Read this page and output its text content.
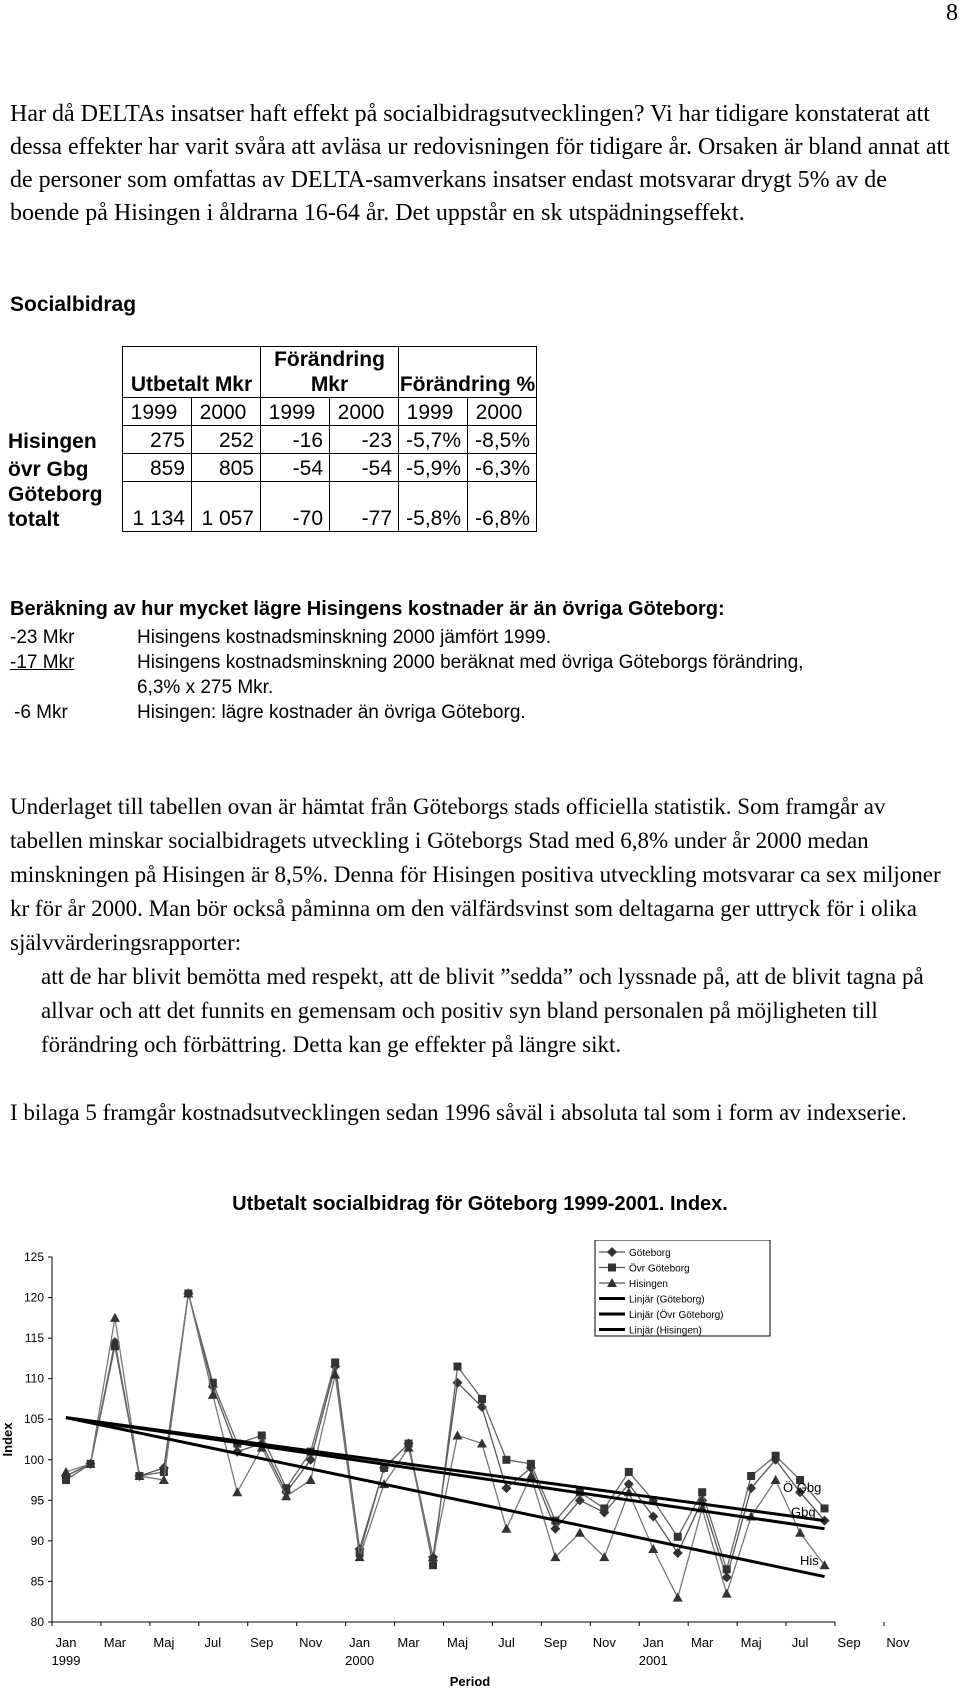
8

Har då DELTAs insatser haft effekt på socialbidragsutvecklingen? Vi har tidigare konstaterat att dessa effekter har varit svåra att avläsa ur redovisningen för tidigare år. Orsaken är bland annat att de personer som omfattas av DELTA-samverkans insatser endast motsvarar drygt 5% av de boende på Hisingen i åldrarna 16-64 år. Det uppstår en sk utspädningseffekt.

Socialbidrag
	Utbetalt Mkr		Förändring Mkr		Förändring %	
	1999	2000	1999	2000	1999	2000
Hisingen	275	252	-16	-23	-5,7%	-8,5%
övr Gbg	859	805	-54	-54	-5,9%	-6,3%
Göteborg totalt	1 134	1 057	-70	-77	-5,8%	-6,8%
Beräkning av hur mycket lägre Hisingens kostnader är än övriga Göteborg:
-23 Mkr	Hisingens kostnadsminskning 2000 jämfört 1999.
-17 Mkr	Hisingens kostnadsminskning 2000 beräknat med övriga Göteborgs förändring, 6,3% x 275 Mkr.
-6 Mkr	Hisingen: lägre kostnader än övriga Göteborg.

Underlaget till tabellen ovan är hämtat från Göteborgs stads officiella statistik. Som framgår av tabellen minskar socialbidragets utveckling i Göteborgs Stad med 6,8% under år 2000 medan minskningen på Hisingen är 8,5%. Denna för Hisingen positiva utveckling motsvarar ca sex miljoner kr för år 2000. Man bör också påminna om den välfärdsvinst som deltagarna ger uttryck för i olika självvärderingsrapporter:

att de har blivit bemötta med respekt, att de blivit ”sedda” och lyssnade på, att de blivit tagna på allvar och att det funnits en gemensam och positiv syn bland personalen på möjligheten till förändring och förbättring. Detta kan ge effekter på längre sikt.

I bilaga 5 framgår kostnadsutvecklingen sedan 1996 såväl i absoluta tal som i form av indexserie.
Utbetalt socialbidrag för Göteborg 1999-2001. Index.
80
85
90
95
100
105
110
115
120
125
Jan
1999
Mar Maj Jul Sep Nov Jan
2000
Mar Maj Jul Sep Nov Jan
2001
Mar Maj Jul Sep Nov
Period
Index
Ö Gbg
Gbg
His
Göteborg
Övr Göteborg
Hisingen
Linjär (Göteborg)
Linjär (Övr Göteborg)
Linjär (Hisingen)
